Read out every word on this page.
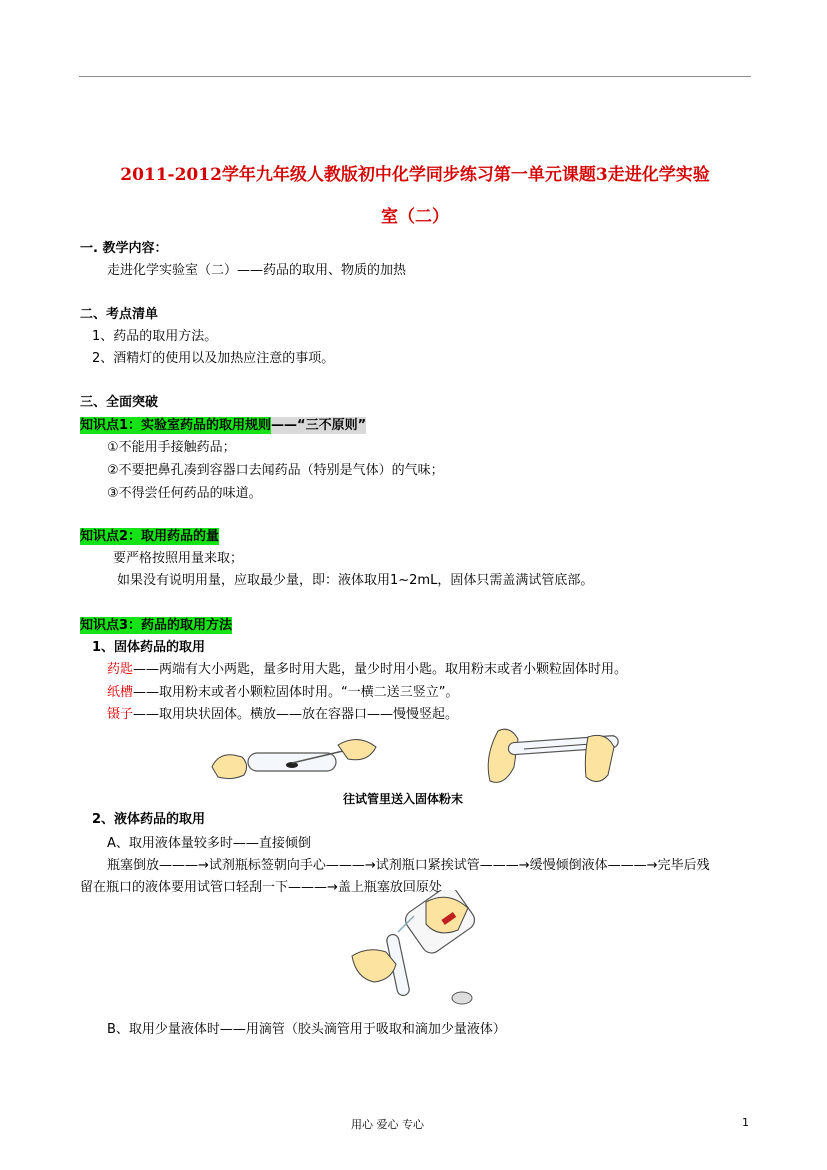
2011-2012学年九年级人教版初中化学同步练习第一单元课题3走进化学实验
室（二）
一. 教学内容：
走进化学实验室（二）——药品的取用、物质的加热
二、考点清单
1、药品的取用方法。
2、酒精灯的使用以及加热应注意的事项。
三、全面突破
知识点1：实验室药品的取用规则——“三不原则”
①不能用手接触药品；
②不要把鼻孔凑到容器口去闻药品（特别是气体）的气味；
③不得尝任何药品的味道。
知识点2：取用药品的量
要严格按照用量来取；
如果没有说明用量，应取最少量，即：液体取用1~2mL，固体只需盖满试管底部。
知识点3：药品的取用方法
1、固体药品的取用
药匙——两端有大小两匙，量多时用大匙，量少时用小匙。取用粉末或者小颗粒固体时用。
纸槽——取用粉末或者小颗粒固体时用。“一横二送三竖立”。
镊子——取用块状固体。横放——放在容器口——慢慢竖起。
往试管里送入固体粉末
2、液体药品的取用
A、取用液体量较多时——直接倾倒
瓶塞倒放———→试剂瓶标签朝向手心———→试剂瓶口紧挨试管———→缓慢倾倒液体———→完毕后残
留在瓶口的液体要用试管口轻刮一下———→盖上瓶塞放回原处
B、取用少量液体时——用滴管（胶头滴管用于吸取和滴加少量液体）
用心 爱心 专心	1
